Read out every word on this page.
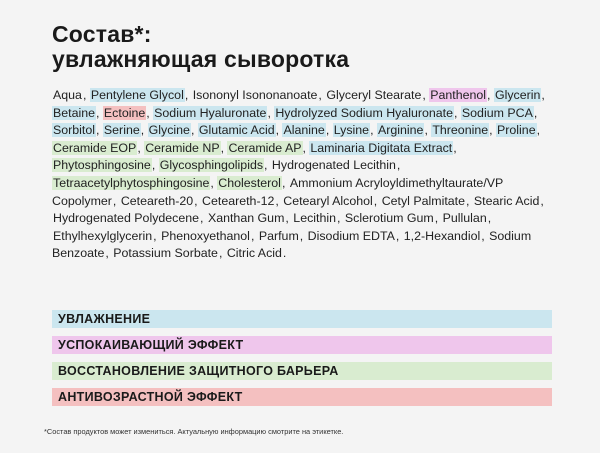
Состав*:
увлажняющая сыворотка
Aqua, Pentylene Glycol, Isononyl Isononanoate, Glyceryl Stearate, Panthenol, Glycerin, Betaine, Ectoine, Sodium Hyaluronate, Hydrolyzed Sodium Hyaluronate, Sodium PCA, Sorbitol, Serine, Glycine, Glutamic Acid, Alanine, Lysine, Arginine, Threonine, Proline, Ceramide EOP, Ceramide NP, Ceramide AP, Laminaria Digitata Extract, Phytosphingosine, Glycosphingolipids, Hydrogenated Lecithin, Tetraacetylphytosphingosine, Cholesterol, Ammonium Acryloyldimethyltaurate/VP Copolymer, Ceteareth-20, Ceteareth-12, Cetearyl Alcohol, Cetyl Palmitate, Stearic Acid, Hydrogenated Polydecene, Xanthan Gum, Lecithin, Sclerotium Gum, Pullulan, Ethylhexylglycerin, Phenoxyethanol, Parfum, Disodium EDTA, 1,2-Hexandiol, Sodium Benzoate, Potassium Sorbate, Citric Acid.
УВЛАЖНЕНИЕ
УСПОКАИВАЮЩИЙ ЭФФЕКТ
ВОССТАНОВЛЕНИЕ ЗАЩИТНОГО БАРЬЕРА
АНТИВОЗРАСТНОЙ ЭФФЕКТ
*Состав продуктов может измениться. Актуальную информацию смотрите на этикетке.
